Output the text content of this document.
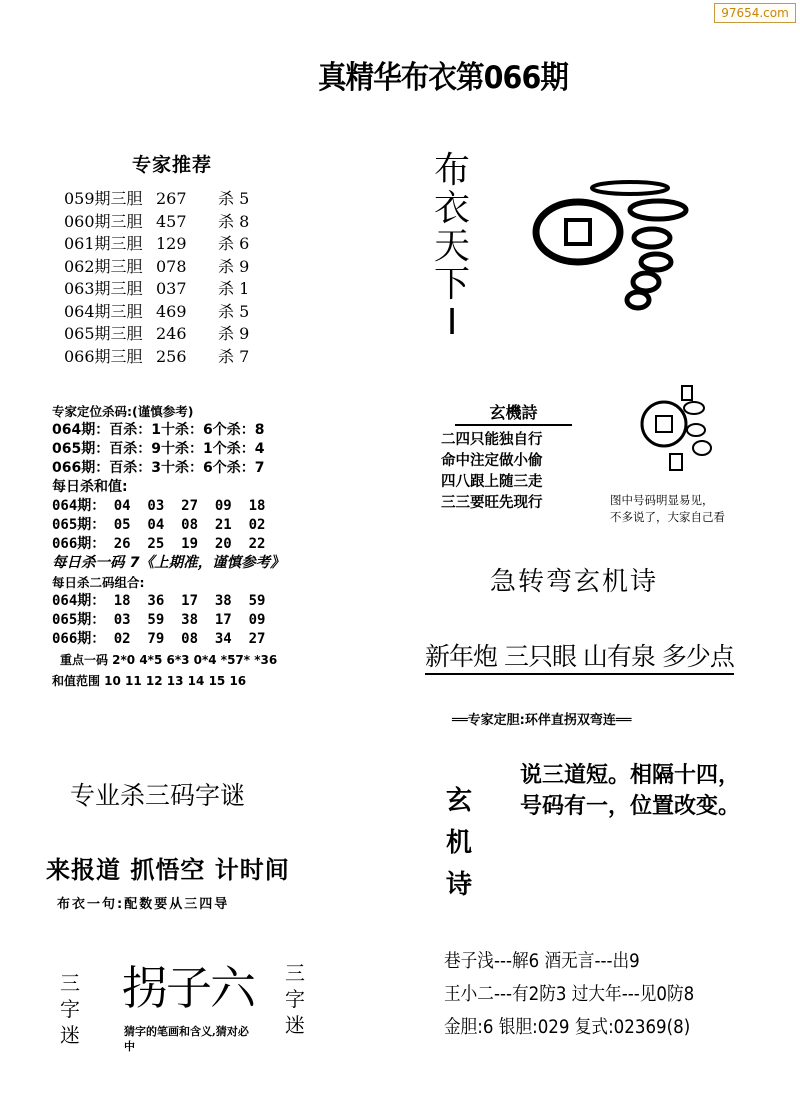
97654.com
真精华布衣第066期
专家推荐
059期三胆 267 杀 5
060期三胆 457 杀 8
061期三胆 129 杀 6
062期三胆 078 杀 9
063期三胆 037 杀 1
064期三胆 469 杀 5
065期三胆 246 杀 9
066期三胆 256 杀 7
布
衣
天
下
I
专家定位杀码:(谨慎参考)
064期：百杀：1十杀：6个杀：8
065期：百杀：9十杀：1个杀：4
066期：百杀：3十杀：6个杀：7
每日杀和值:
064期： 04  03  27  09  18
065期： 05  04  08  21  02
066期： 26  25  19  20  22
每日杀一码 7《上期准，谨慎参考》
每日杀二码组合:
064期： 18  36  17  38  59
065期： 03  59  38  17  09
066期： 02  79  08  34  27
重点一码 2*0 4*5 6*3 0*4 *57* *36
和值范围 10 11 12 13 14 15 16
玄機詩
二四只能独自行
命中注定做小偷
四八跟上随三走
三三要旺先现行	图中号码明显易见，
不多说了，大家自己看
急转弯玄机诗
新年炮 三只眼 山有泉 多少点
══专家定胆:环伴直拐双弯连══
玄
机
诗
说三道短。相隔十四，
号码有一，位置改变。
巷子浅---解6 酒无言---出9
王小二---有2防3 过大年---见0防8
金胆:6 银胆:029 复式:02369(8)
专业杀三码字谜
来报道 抓悟空 计时间
布衣一句:配数要从三四导
三
字
迷
拐子六 三
字
迷
猜字的笔画和含义,猜对必中
